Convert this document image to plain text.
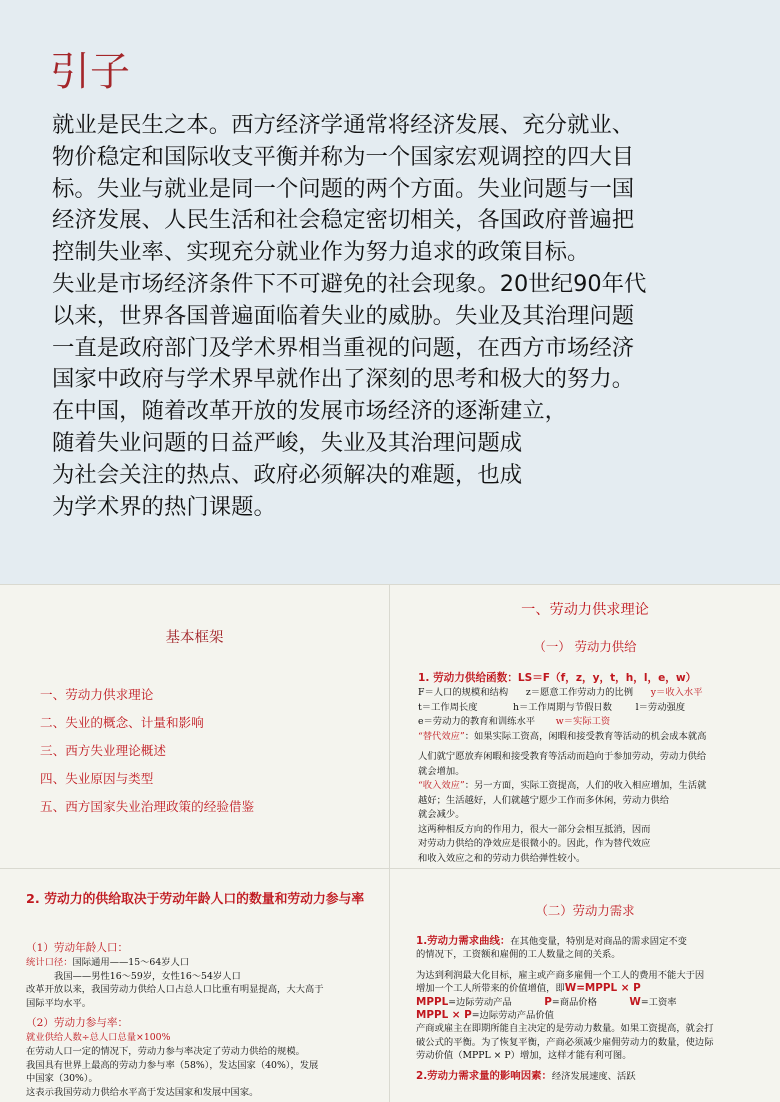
引子
就业是民生之本。西方经济学通常将经济发展、充分就业、
物价稳定和国际收支平衡并称为一个国家宏观调控的四大目
标。失业与就业是同一个问题的两个方面。失业问题与一国
经济发展、人民生活和社会稳定密切相关，各国政府普遍把
控制失业率、实现充分就业作为努力追求的政策目标。
失业是市场经济条件下不可避免的社会现象。20世纪90年代
以来，世界各国普遍面临着失业的威胁。失业及其治理问题
一直是政府部门及学术界相当重视的问题，在西方市场经济
国家中政府与学术界早就作出了深刻的思考和极大的努力。
在中国，随着改革开放的发展市场经济的逐渐建立，
随着失业问题的日益严峻，失业及其治理问题成
为社会关注的热点、政府必须解决的难题，也成
为学术界的热门课题。
基本框架
一、劳动力供求理论
二、失业的概念、计量和影响
三、西方失业理论概述
四、失业原因与类型
五、西方国家失业治理政策的经验借鉴
一、劳动力供求理论
（一） 劳动力供给
1. 劳动力供给函数：LS＝F（f，z，y，t，h，l，e，w）
F＝人口的规模和结构 z＝愿意工作劳动力的比例 y＝收入水平
t＝工作周长度	h＝工作周期与节假日数	l＝劳动强度
e＝劳动力的教育和训练水平 w＝实际工资
“替代效应”：如果实际工资高，闲暇和接受教育等活动的机会成本就高
人们就宁愿放弃闲暇和接受教育等活动而趋向于参加劳动，劳动力供给
就会增加。
“收入效应”：另一方面，实际工资提高，人们的收入相应增加，生活就
越好；生活越好，人们就越宁愿少工作而多休闲，劳动力供给
就会减少。
这两种相反方向的作用力，很大一部分会相互抵消，因而
对劳动力供给的净效应是很微小的。因此，作为替代效应
和收入效应之和的劳动力供给弹性较小。
2. 劳动力的供给取决于劳动年龄人口的数量和劳动力参与率
（1）劳动年龄人口：
统计口径：国际通用——15～64岁人口
我国——男性16～59岁，女性16～54岁人口
改革开放以来，我国劳动力供给人口占总人口比重有明显提高，大大高于
国际平均水平。
（2）劳动力参与率：
就业供给人数÷总人口总量×100%
在劳动人口一定的情况下，劳动力参与率决定了劳动力供给的规模。
我国具有世界上最高的劳动力参与率（58%），发达国家（40%），发展
中国家（30%）。
这表示我国劳动力供给水平高于发达国家和发展中国家。
（二）劳动力需求
1.劳动力需求曲线：在其他变量，特别是对商品的需求固定不变
的情况下，工资额和雇佣的工人数量之间的关系。
为达到利润最大化目标，雇主或产商多雇佣一个工人的费用不能大于因
增加一个工人所带来的价值增值，即W=MPPL × P
MPPL=边际劳动产品	P=商品价格	W=工资率
MPPL × P=边际劳动产品价值
产商或雇主在即期所能自主决定的是劳动力数量。如果工资提高，就会打
破公式的平衡。为了恢复平衡，产商必须减少雇佣劳动力的数量，使边际
劳动价值（MPPL × P）增加，这样才能有利可图。
2.劳动力需求量的影响因素：经济发展速度、活跃
